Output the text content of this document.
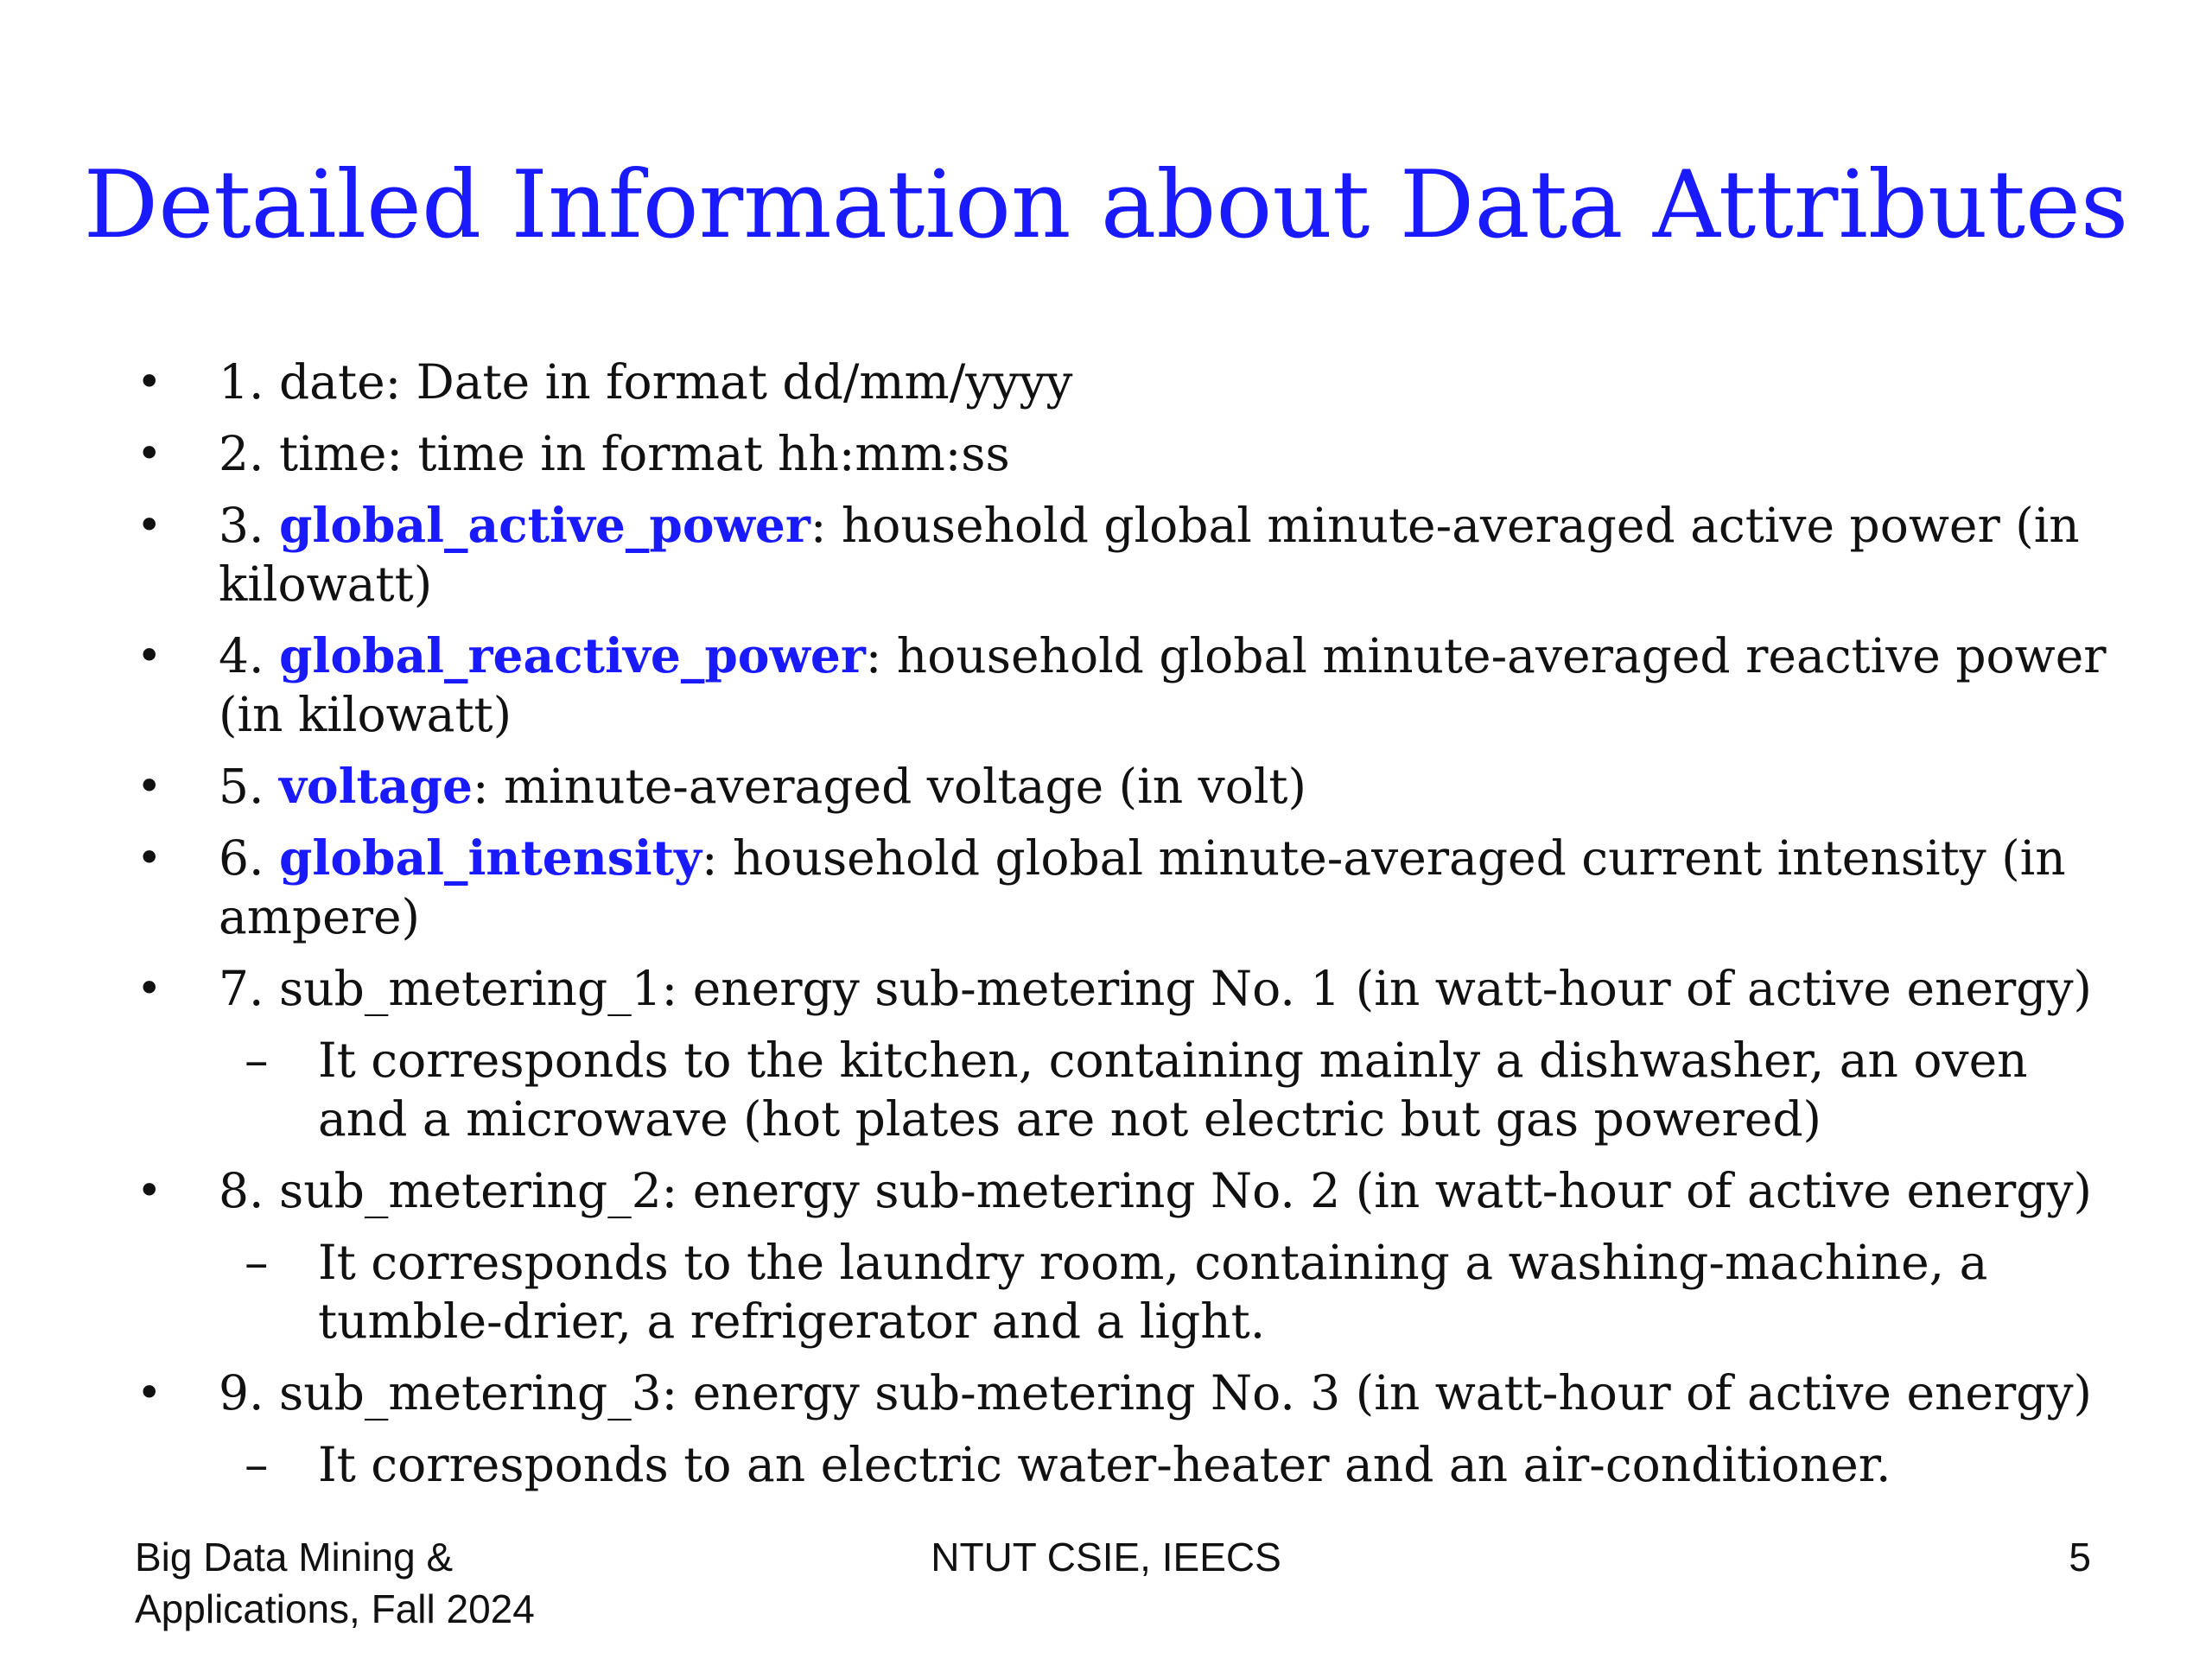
Detailed Information about Data Attributes
• 1. date: Date in format dd/mm/yyyy
• 2. time: time in format hh:mm:ss
• 3. global_active_power: household global minute-averaged active power (in kilowatt)
• 4. global_reactive_power: household global minute-averaged reactive power (in kilowatt)
• 5. voltage: minute-averaged voltage (in volt)
• 6. global_intensity: household global minute-averaged current intensity (in ampere)
• 7. sub_metering_1: energy sub-metering No. 1 (in watt-hour of active energy)
– It corresponds to the kitchen, containing mainly a dishwasher, an oven and a microwave (hot plates are not electric but gas powered)
• 8. sub_metering_2: energy sub-metering No. 2 (in watt-hour of active energy)
– It corresponds to the laundry room, containing a washing-machine, a tumble-drier, a refrigerator and a light.
• 9. sub_metering_3: energy sub-metering No. 3 (in watt-hour of active energy)
– It corresponds to an electric water-heater and an air-conditioner.
Big Data Mining &
Applications, Fall 2024
NTUT CSIE, IEECS	5
